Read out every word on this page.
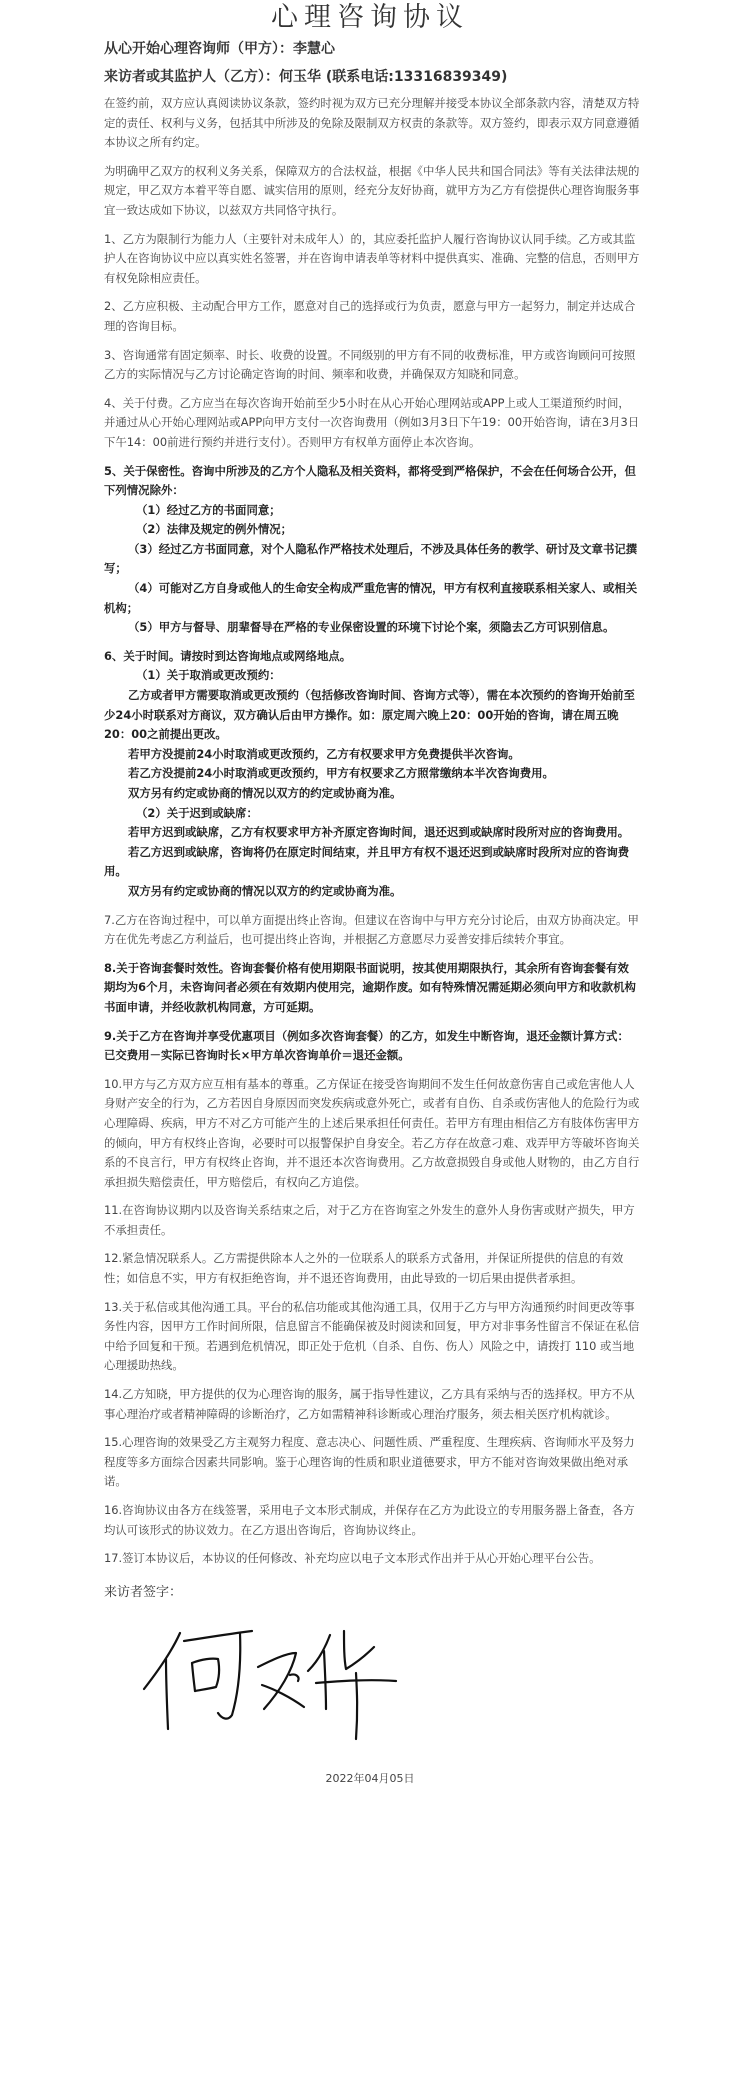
心理咨询协议
从心开始心理咨询师（甲方）：李慧心
来访者或其监护人（乙方）：何玉华 (联系电话:13316839349)

在签约前，双方应认真阅读协议条款，签约时视为双方已充分理解并接受本协议全部条款内容，清楚双方特定的责任、权利与义务，包括其中所涉及的免除及限制双方权责的条款等。双方签约，即表示双方同意遵循本协议之所有约定。

为明确甲乙双方的权利义务关系，保障双方的合法权益，根据《中华人民共和国合同法》等有关法律法规的规定，甲乙双方本着平等自愿、诚实信用的原则，经充分友好协商，就甲方为乙方有偿提供心理咨询服务事宜一致达成如下协议，以兹双方共同恪守执行。

1、乙方为限制行为能力人（主要针对未成年人）的，其应委托监护人履行咨询协议认同手续。乙方或其监护人在咨询协议中应以真实姓名签署，并在咨询申请表单等材料中提供真实、准确、完整的信息，否则甲方有权免除相应责任。

2、乙方应积极、主动配合甲方工作，愿意对自己的选择或行为负责，愿意与甲方一起努力，制定并达成合理的咨询目标。

3、咨询通常有固定频率、时长、收费的设置。不同级别的甲方有不同的收费标准，甲方或咨询顾问可按照乙方的实际情况与乙方讨论确定咨询的时间、频率和收费，并确保双方知晓和同意。

4、关于付费。乙方应当在每次咨询开始前至少5小时在从心开始心理网站或APP上或人工渠道预约时间，并通过从心开始心理网站或APP向甲方支付一次咨询费用（例如3月3日下午19：00开始咨询，请在3月3日下午14：00前进行预约并进行支付）。否则甲方有权单方面停止本次咨询。

5、关于保密性。咨询中所涉及的乙方个人隐私及相关资料，都将受到严格保护，不会在任何场合公开，但下列情况除外：

（1）经过乙方的书面同意；

（2）法律及规定的例外情况；

（3）经过乙方书面同意，对个人隐私作严格技术处理后，不涉及具体任务的教学、研讨及文章书记撰写；

（4）可能对乙方自身或他人的生命安全构成严重危害的情况，甲方有权利直接联系相关家人、或相关机构；

（5）甲方与督导、朋辈督导在严格的专业保密设置的环境下讨论个案，须隐去乙方可识别信息。

6、关于时间。请按时到达咨询地点或网络地点。

（1）关于取消或更改预约：

乙方或者甲方需要取消或更改预约（包括修改咨询时间、咨询方式等），需在本次预约的咨询开始前至少24小时联系对方商议，双方确认后由甲方操作。如：原定周六晚上20：00开始的咨询，请在周五晚20：00之前提出更改。

若甲方没提前24小时取消或更改预约，乙方有权要求甲方免费提供半次咨询。

若乙方没提前24小时取消或更改预约，甲方有权要求乙方照常缴纳本半次咨询费用。

双方另有约定或协商的情况以双方的约定或协商为准。

（2）关于迟到或缺席：

若甲方迟到或缺席，乙方有权要求甲方补齐原定咨询时间，退还迟到或缺席时段所对应的咨询费用。

若乙方迟到或缺席，咨询将仍在原定时间结束，并且甲方有权不退还迟到或缺席时段所对应的咨询费用。

双方另有约定或协商的情况以双方的约定或协商为准。

7.乙方在咨询过程中，可以单方面提出终止咨询。但建议在咨询中与甲方充分讨论后，由双方协商决定。甲方在优先考虑乙方利益后，也可提出终止咨询，并根据乙方意愿尽力妥善安排后续转介事宜。

8.关于咨询套餐时效性。咨询套餐价格有使用期限书面说明，按其使用期限执行，其余所有咨询套餐有效期均为6个月，未咨询问者必须在有效期内使用完，逾期作废。如有特殊情况需延期必须向甲方和收款机构书面申请，并经收款机构同意，方可延期。

9.关于乙方在咨询并享受优惠项目（例如多次咨询套餐）的乙方，如发生中断咨询，退还金额计算方式：已交费用－实际已咨询时长×甲方单次咨询单价＝退还金额。

10.甲方与乙方双方应互相有基本的尊重。乙方保证在接受咨询期间不发生任何故意伤害自己或危害他人人身财产安全的行为，乙方若因自身原因而突发疾病或意外死亡，或者有自伤、自杀或伤害他人的危险行为或心理障碍、疾病，甲方不对乙方可能产生的上述后果承担任何责任。若甲方有理由相信乙方有肢体伤害甲方的倾向，甲方有权终止咨询，必要时可以报警保护自身安全。若乙方存在故意刁难、戏弄甲方等破坏咨询关系的不良言行，甲方有权终止咨询，并不退还本次咨询费用。乙方故意损毁自身或他人财物的，由乙方自行承担损失赔偿责任，甲方赔偿后，有权向乙方追偿。

11.在咨询协议期内以及咨询关系结束之后，对于乙方在咨询室之外发生的意外人身伤害或财产损失，甲方不承担责任。

12.紧急情况联系人。乙方需提供除本人之外的一位联系人的联系方式备用，并保证所提供的信息的有效性；如信息不实，甲方有权拒绝咨询，并不退还咨询费用，由此导致的一切后果由提供者承担。

13.关于私信或其他沟通工具。平台的私信功能或其他沟通工具，仅用于乙方与甲方沟通预约时间更改等事务性内容，因甲方工作时间所限，信息留言不能确保被及时阅读和回复，甲方对非事务性留言不保证在私信中给予回复和干预。若遇到危机情况，即正处于危机（自杀、自伤、伤人）风险之中，请拨打 110 或当地心理援助热线。

14.乙方知晓，甲方提供的仅为心理咨询的服务，属于指导性建议，乙方具有采纳与否的选择权。甲方不从事心理治疗或者精神障碍的诊断治疗，乙方如需精神科诊断或心理治疗服务，须去相关医疗机构就诊。

15.心理咨询的效果受乙方主观努力程度、意志决心、问题性质、严重程度、生理疾病、咨询师水平及努力程度等多方面综合因素共同影响。鉴于心理咨询的性质和职业道德要求，甲方不能对咨询效果做出绝对承诺。

16.咨询协议由各方在线签署，采用电子文本形式制成，并保存在乙方为此设立的专用服务器上备查，各方均认可该形式的协议效力。在乙方退出咨询后，咨询协议终止。

17.签订本协议后，本协议的任何修改、补充均应以电子文本形式作出并于从心开始心理平台公告。

来访者签字：

2022年04月05日
